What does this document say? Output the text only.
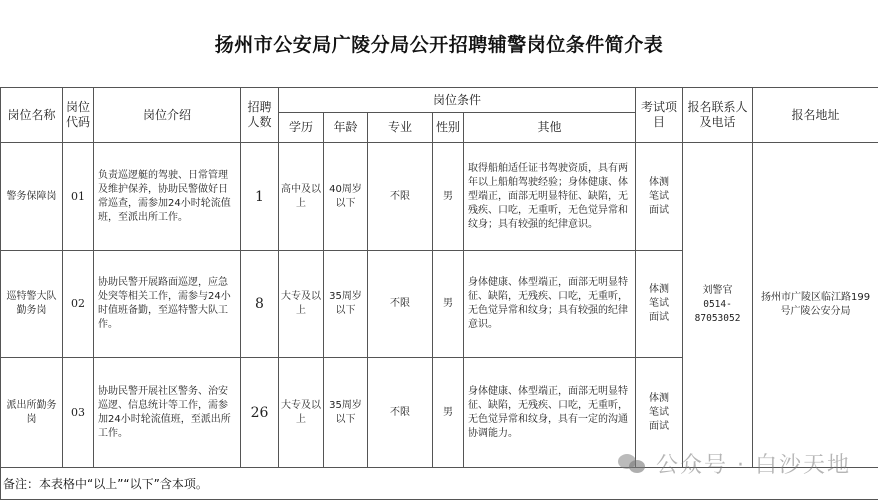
扬州市公安局广陵分局公开招聘辅警岗位条件简介表
岗位名称	岗位代码	岗位介绍	招聘人数	岗位条件					考试项目	报名联系人及电话	报名地址
				学历	年龄	专业	性别	其他			
警务保障岗	01	负责巡逻艇的驾驶、日常管理及维护保养，协助民警做好日常巡查，需参加24小时轮流值班，至派出所工作。	1	高中及以上	40周岁以下	不限	男	取得船舶适任证书驾驶资质，具有两年以上船舶驾驶经验；身体健康、体型端正，面部无明显特征、缺陷，无残疾、口吃，无重听，无色觉异常和纹身；具有较强的纪律意识。	体测 笔试 面试	刘警官
0514-87053052	扬州市广陵区临江路199号广陵公安分局
巡特警大队勤务岗	02	协助民警开展路面巡逻，应急处突等相关工作，需参与24小时值班备勤，至巡特警大队工作。	8	大专及以上	35周岁以下	不限	男	身体健康、体型端正，面部无明显特征、缺陷，无残疾、口吃，无重听，无色觉异常和纹身；具有较强的纪律意识。	体测 笔试 面试		
派出所勤务岗	03	协助民警开展社区警务、治安巡逻、信息统计等工作，需参加24小时轮流值班，至派出所工作。	26	大专及以上	35周岁以下	不限	男	身体健康、体型端正，面部无明显特征、缺陷，无残疾、口吃，无重听，无色觉异常和纹身，具有一定的沟通协调能力。	体测 笔试 面试		
备注：本表格中“以上”“以下”含本项。											
公众号 · 白沙天地
